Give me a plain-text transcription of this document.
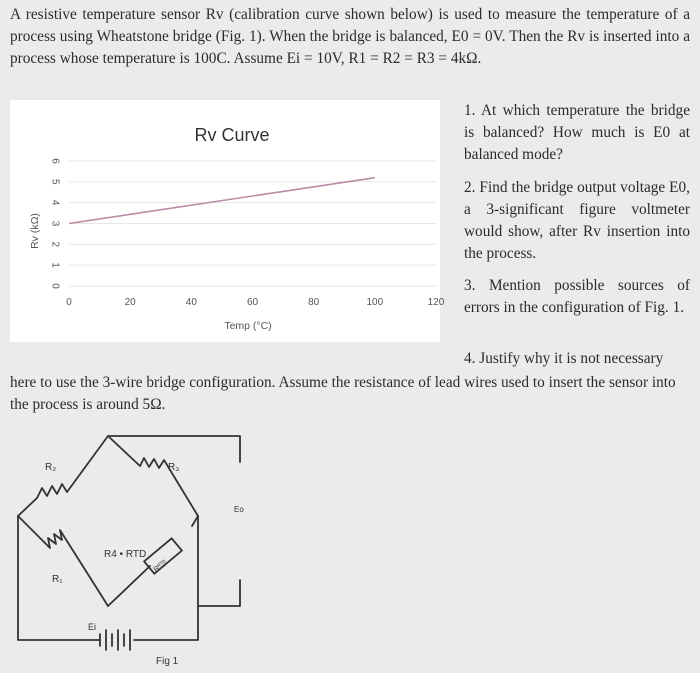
A resistive temperature sensor Rv (calibration curve shown below) is used to measure the temperature of a process using Wheatstone bridge (Fig. 1). When the bridge is balanced, E0 = 0V. Then the Rv is inserted into a process whose temperature is 100C. Assume Ei = 10V, R1 = R2 = R3 = 4kΩ.
Rv Curve
0
1
2
3
4
5
6
0	20	40	60	80	100	120
Temp (°C)
Rv (kΩ)
1. At which temperature the bridge is balanced? How much is E0 at balanced mode?
2. Find the bridge output voltage E0, a 3-significant figure voltmeter would show, after Rv insertion into the process.
3. Mention possible sources of errors in the configuration of Fig. 1.
4. Justify why it is not necessary
here to use the 3-wire bridge configuration. Assume the resistance of lead wires used to insert the sensor into the process is around 5Ω.
R₂	R₃
R₁
R4 • RTD
Rᴿᵀᴰ
Eo
Ei
Fig 1
